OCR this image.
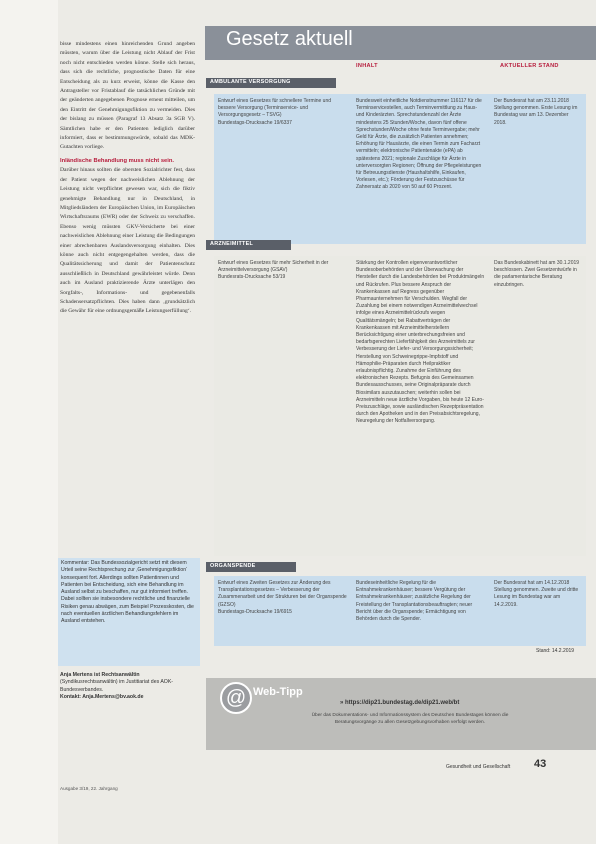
bisse mindestens einen hinreichenden Grund angeben müssten, warum über die Leistung nicht Ablauf der Frist noch nicht entschieden werden könne. Stelle sich heraus, dass sich die rechtliche, prognostische Daten für eine Entscheidung als zu kurz erweist, könne die Kasse den Antragsteller vor Fristablauf die tatsächlichen Gründe mit der geänderten angegebenen Prognose erneut mitteilen, um den Eintritt der Genehmigungsfiktion zu vermeiden. Dies der bislang zu müssen (Paragraf 13 Absatz 3a SGB V). Sämtlichen habe er den Patienten lediglich darüber informiert, dass er bestimmungswürde, sobald das MDK-Gutachten vorliege.

Inländische Behandlung muss nicht sein.

Darüber hinaus sollten die obersten Sozialrichter fest, dass der Patient wegen der nachweislichen Ablehnung der Leistung nicht verpflichtet gewesen war, sich die fiktiv genehmigte Behandlung nur in Deutschland, in Mitgliedsländern der Europäischen Union, im Europäischen Wirtschaftsraums (EWR) oder der Schweiz zu verschaffen. Ebenso wenig müssten GKV-Versicherte bei einer nachweislichen Ablehnung einer Leistung die Bedingungen einer abrechenbaren Auslandsversorgung einhalten. Dies könne auch nicht entgegengehalten werden, dass die Qualitätssicherung und damit der Patientenschutz ausschließlich in Deutschland gewährleistet würde. Denn auch im Ausland praktizierende Ärzte unterlägen den Sorgfalts-, Informations- und gegebenenfalls Schadensersatzpflichten. Dies haben dann ‚grundsätzlich die Gewähr für eine ordnungsgemäße Leistungserfüllung‘.

Kommentar: Das Bundessozialgericht setzt mit diesem Urteil seine Rechtsprechung zur ‚Genehmigungsfiktion‘ konsequent fort. Allerdings sollten Patientinnen und Patienten bei Entscheidung, sich eine Behandlung im Ausland selbst zu beschaffen, nur gut informiert treffen. Dabei sollten sie insbesondere rechtliche und finanzielle Risiken genau abwägen, zum Beispiel Prozesskosten, die nach eventuellen ärztlichen Behandlungsfehlern im Ausland entstehen.
Anja Mertens ist Rechtsanwältin
(Syndikusrechtsanwältin) im Justitiariat des AOK-Bundesverbandes.
Kontakt: Anja.Mertens@bv.aok.de
Ausgabe 3/19, 22. Jahrgang
Gesetz aktuell
INHALT	AKTUELLER STAND
AMBULANTE VERSORGUNG
Entwurf eines Gesetzes für schnellere Termine und bessere Versorgung (Terminservice- und Versorgungsgesetz – TSVG)
Bundestags-Drucksache 19/6337
Bundesweit einheitliche Notdienstnummer 116117 für die Terminservicestellen, auch Terminvermittlung zu Haus- und Kinderärzten. Sprechstundenzahl der Ärzte mindestens 25 Stunden/Woche, davon fünf offene Sprechstunden/Woche ohne feste Terminvergabe; mehr Geld für Ärzte, die zusätzlich Patienten annehmen; Erhöhung für Hausärzte, die einen Termin zum Facharzt vermitteln; elektronische Patientenakte (ePA) ab spätestens 2021; regionale Zuschläge für Ärzte in unterversorgten Regionen; Öffnung der Pflegeleistungen für Betreuungsdienste (Haushaltshilfe, Einkaufen, Vorlesen, etc.); Förderung der Festzuschüsse für Zahnersatz ab 2020 von 50 auf 60 Prozent.
Der Bundesrat hat am 23.11.2018 Stellung genommen. Erste Lesung im Bundestag war am 13. Dezember 2018.
ARZNEIMITTEL
Entwurf eines Gesetzes für mehr Sicherheit in der Arzneimittelversorgung (GSAV)
Bundesrats-Drucksache 53/19
Stärkung der Kontrollen eigenverantwortlicher Bundesoberbehörden und der Überwachung der Hersteller durch die Landesbehörden bei Produktmängeln und Rückrufen. Plus bessere Anspruch der Krankenkassen auf Regress gegenüber Pharmaunternehmen für Verschulden. Wegfall der Zuzahlung bei einem notwendigen Arzneimittelwechsel infolge eines Arzneimittelrückrufs wegen Qualitätsmängeln; bei Rabattverträgen der Krankenkassen mit Arzneimittelherstellern Berücksichtigung einer unterbrechungsfreien und bedarfsgerechten Lieferfähigkeit des Arzneimittels zur Verbesserung der Liefer- und Versorgungssicherheit; Herstellung von Schweinegrippe-Impfstoff und Hämophilie-Präparaten durch Heilpraktiker erlaubnispflichtig. Zunahme der Einführung des elektronischen Rezepts. Befugnis des Gemeinsamen Bundesausschusses, seine Originalpräparate durch Biosimilars auszutauschen; weiterhin sollen bei Arzneimitteln neue ärztliche Vorgaben, bis heute 12 Euro-Preiszuschläge, sowie ausländischen Rezeptpräsentation durch den Apotheken und in den Preisabsichtsregelung, Neuregelung der Notfallversorgung.
Das Bundeskabinett hat am 30.1.2019 beschlossen. Zwei Gesetzentwürfe in die parlamentarische Beratung einzubringen.
ORGANSPENDE
Entwurf eines Zweiten Gesetzes zur Änderung des Transplantationsgesetzes – Verbesserung der Zusammenarbeit und der Strukturen bei der Organspende (GZSO)
Bundestags-Drucksache 19/6915
Bundeseinheitliche Regelung für die Entnahmekrankenhäuser; bessere Vergütung der Entnahmekrankenhäuser; zusätzliche Regelung der Freistellung der Transplantationsbeauftragten; neuer Bericht über die Organspende; Ermächtigung von Behörden durch die Spender.
Der Bundesrat hat am 14.12.2018 Stellung genommen. Zweite und dritte Lesung im Bundestag war am 14.2.2019.
Stand: 14.2.2019
@ Web-Tipp
» https://dip21.bundestag.de/dip21.web/bt
Über das Dokumentations- und Informationssystem des Deutschen Bundestages können die Beratungsvorgänge zu allen Gesetzgebungsvorhaben verfolgt werden.
Gesundheit und Gesellschaft 43
